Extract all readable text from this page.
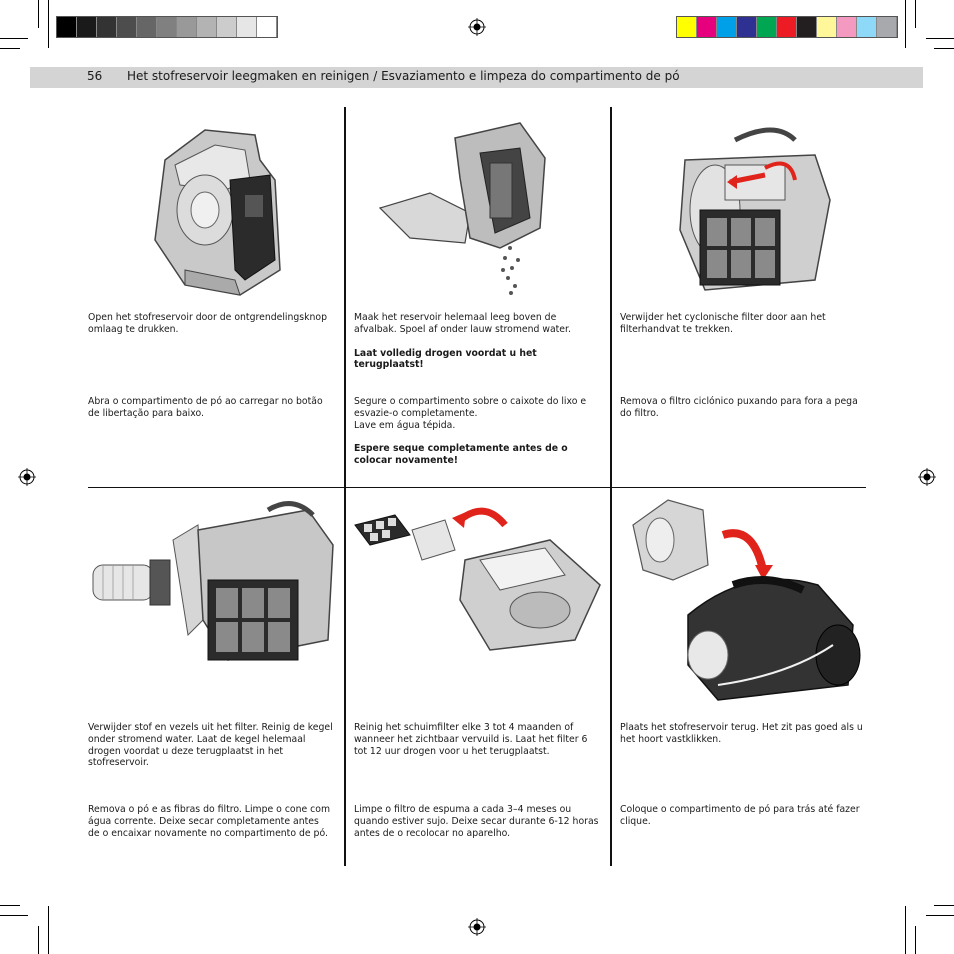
56 Het stofreservoir leegmaken en reinigen / Esvaziamento e limpeza do compartimento de pó

Open het stofreservoir door de ontgrendelingsknop omlaag te drukken.

Abra o compartimento de pó ao carregar no botão de libertação para baixo.

Maak het reservoir helemaal leeg boven de afvalbak. Spoel af onder lauw stromend water.

Laat volledig drogen voordat u het terugplaatst!

Segure o compartimento sobre o caixote do lixo e esvazie-o completamente.
Lave em água tépida.

Espere seque completamente antes de o colocar novamente!

Verwijder het cyclonische filter door aan het filterhandvat te trekken.

Remova o filtro ciclónico puxando para fora a pega do filtro.

Verwijder stof en vezels uit het filter. Reinig de kegel onder stromend water. Laat de kegel helemaal drogen voordat u deze terugplaatst in het stofreservoir.

Remova o pó e as fibras do filtro. Limpe o cone com água corrente. Deixe secar completamente antes de o encaixar novamente no compartimento de pó.

Reinig het schuimfilter elke 3 tot 4 maanden of wanneer het zichtbaar vervuild is. Laat het filter 6 tot 12 uur drogen voor u het terugplaatst.

Limpe o filtro de espuma a cada 3–4 meses ou quando estiver sujo. Deixe secar durante 6-12 horas antes de o recolocar no aparelho.

Plaats het stofreservoir terug. Het zit pas goed als u het hoort vastklikken.

Coloque o compartimento de pó para trás até fazer clique.
